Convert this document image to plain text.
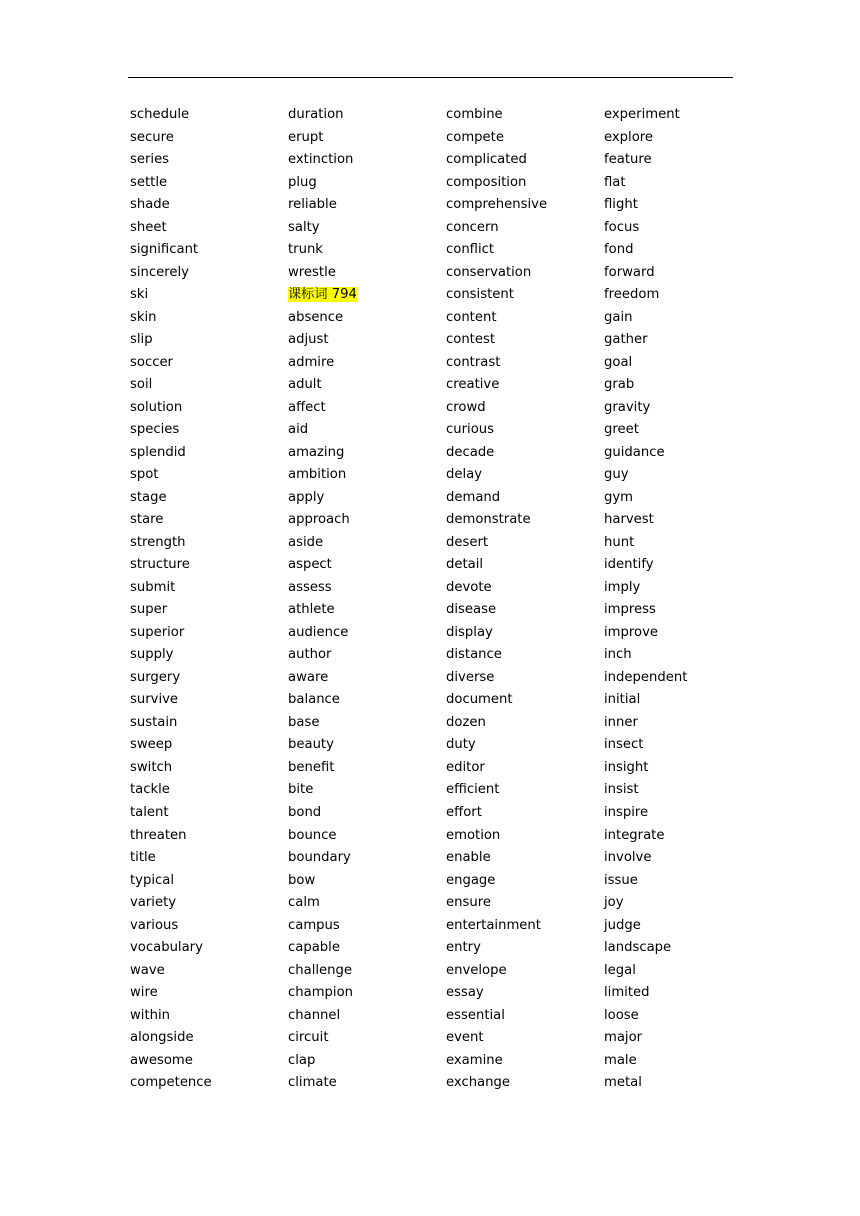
schedule
secure
series
settle
shade
sheet
significant
sincerely
ski
skin
slip
soccer
soil
solution
species
splendid
spot
stage
stare
strength
structure
submit
super
superior
supply
surgery
survive
sustain
sweep
switch
tackle
talent
threaten
title
typical
variety
various
vocabulary
wave
wire
within
alongside
awesome
competence
duration
erupt
extinction
plug
reliable
salty
trunk
wrestle
课标词 794
absence
adjust
admire
adult
affect
aid
amazing
ambition
apply
approach
aside
aspect
assess
athlete
audience
author
aware
balance
base
beauty
benefit
bite
bond
bounce
boundary
bow
calm
campus
capable
challenge
champion
channel
circuit
clap
climate
combine
compete
complicated
composition
comprehensive
concern
conflict
conservation
consistent
content
contest
contrast
creative
crowd
curious
decade
delay
demand
demonstrate
desert
detail
devote
disease
display
distance
diverse
document
dozen
duty
editor
efficient
effort
emotion
enable
engage
ensure
entertainment
entry
envelope
essay
essential
event
examine
exchange
experiment
explore
feature
flat
flight
focus
fond
forward
freedom
gain
gather
goal
grab
gravity
greet
guidance
guy
gym
harvest
hunt
identify
imply
impress
improve
inch
independent
initial
inner
insect
insight
insist
inspire
integrate
involve
issue
joy
judge
landscape
legal
limited
loose
major
male
metal
